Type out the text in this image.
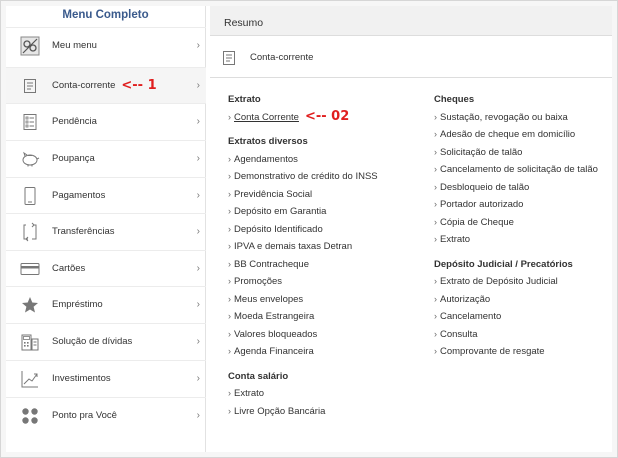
Menu Completo
Meu menu	›
Conta-corrente <-- 1	›
Pendência	›
Poupança	›
Pagamentos	›
Transferências	›
Cartões	›
Empréstimo	›
Solução de dívidas	›
Investimentos	›
Ponto pra Você	›
Resumo
Conta-corrente
Extrato
› Conta Corrente <-- 02
Extratos diversos
› Agendamentos
› Demonstrativo de crédito do INSS
› Previdência Social
› Depósito em Garantia
› Depósito Identificado
› IPVA e demais taxas Detran
› BB Contracheque
› Promoções
› Meus envelopes
› Moeda Estrangeira
› Valores bloqueados
› Agenda Financeira
Conta salário
› Extrato
› Livre Opção Bancária
Cheques
› Sustação, revogação ou baixa
› Adesão de cheque em domicílio
› Solicitação de talão
› Cancelamento de solicitação de talão
› Desbloqueio de talão
› Portador autorizado
› Cópia de Cheque
› Extrato
Depósito Judicial / Precatórios
› Extrato de Depósito Judicial
› Autorização
› Cancelamento
› Consulta
› Comprovante de resgate
